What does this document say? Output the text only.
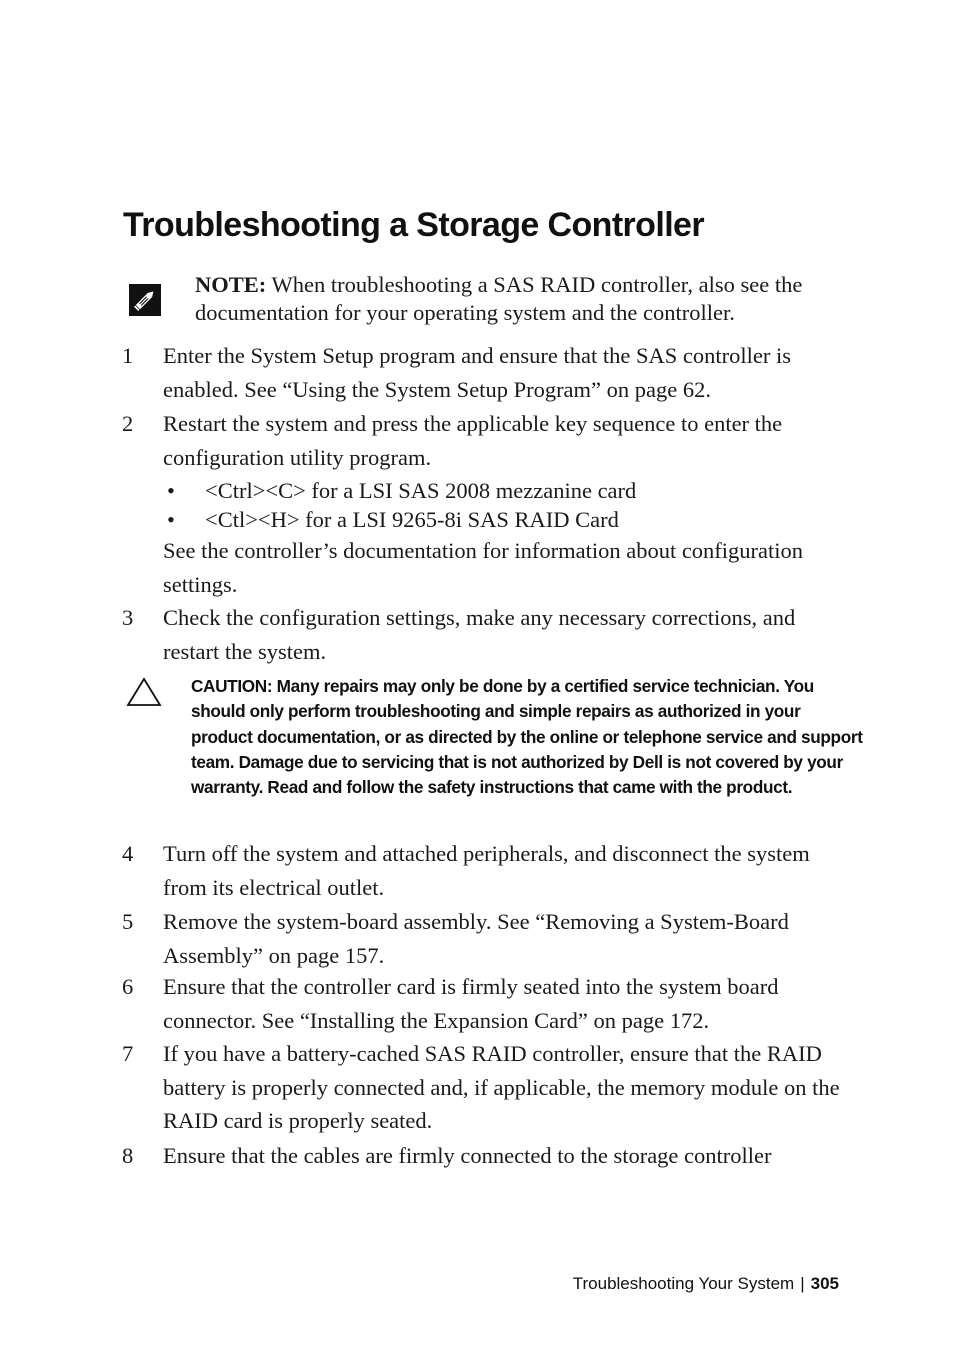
Troubleshooting a Storage Controller
NOTE: When troubleshooting a SAS RAID controller, also see the documentation for your operating system and the controller.
1 Enter the System Setup program and ensure that the SAS controller is enabled. See “Using the System Setup Program” on page 62.
2 Restart the system and press the applicable key sequence to enter the configuration utility program.
• <Ctrl><C> for a LSI SAS 2008 mezzanine card
• <Ctl><H> for a LSI 9265-8i SAS RAID Card
See the controller’s documentation for information about configuration settings.
3 Check the configuration settings, make any necessary corrections, and restart the system.
CAUTION: Many repairs may only be done by a certified service technician. You should only perform troubleshooting and simple repairs as authorized in your product documentation, or as directed by the online or telephone service and support team. Damage due to servicing that is not authorized by Dell is not covered by your warranty. Read and follow the safety instructions that came with the product.
4 Turn off the system and attached peripherals, and disconnect the system from its electrical outlet.
5 Remove the system-board assembly. See “Removing a System-Board Assembly” on page 157.
6 Ensure that the controller card is firmly seated into the system board connector. See “Installing the Expansion Card” on page 172.
7 If you have a battery-cached SAS RAID controller, ensure that the RAID battery is properly connected and, if applicable, the memory module on the RAID card is properly seated.
8 Ensure that the cables are firmly connected to the storage controller
Troubleshooting Your System | 305
